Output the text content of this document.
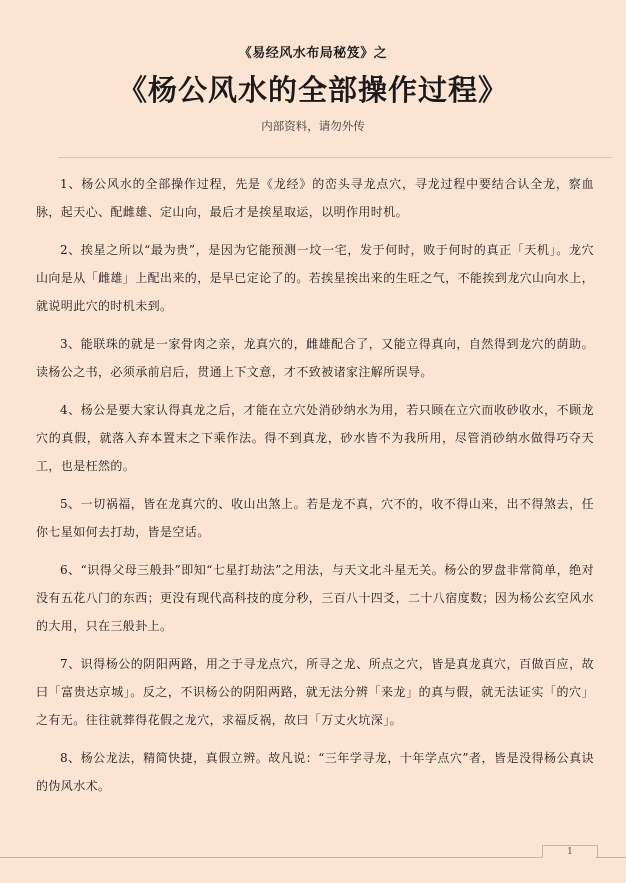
《易经风水布局秘笈》之
《杨公风水的全部操作过程》
内部资料，请勿外传

1、杨公风水的全部操作过程，先是《龙经》的峦头寻龙点穴，寻龙过程中要结合认全龙，察血脉，起天心、配雌雄、定山向，最后才是挨星取运，以明作用时机。

2、挨星之所以“最为贵”，是因为它能预测一坟一宅，发于何时，败于何时的真正「天机」。龙穴山向是从「雌雄」上配出来的，是早已定论了的。若挨星挨出来的生旺之气，不能挨到龙穴山向水上，就说明此穴的时机未到。

3、能联珠的就是一家骨肉之亲，龙真穴的，雌雄配合了，又能立得真向，自然得到龙穴的荫助。读杨公之书，必须承前启后，贯通上下文意，才不致被诸家注解所误导。

4、杨公是要大家认得真龙之后，才能在立穴处消砂纳水为用，若只顾在立穴而收砂收水，不顾龙穴的真假，就落入弃本置末之下乘作法。得不到真龙，砂水皆不为我所用，尽管消砂纳水做得巧夺天工，也是枉然的。

5、一切祸福，皆在龙真穴的、收山出煞上。若是龙不真，穴不的，收不得山来，出不得煞去，任你七星如何去打劫，皆是空话。

6、“识得父母三般卦”即知“七星打劫法”之用法，与天文北斗星无关。杨公的罗盘非常简单，绝对没有五花八门的东西；更没有现代高科技的度分秒，三百八十四爻，二十八宿度数；因为杨公玄空风水的大用，只在三般卦上。

7、识得杨公的阴阳两路，用之于寻龙点穴，所寻之龙、所点之穴，皆是真龙真穴，百做百应，故曰「富贵达京城」。反之，不识杨公的阴阳两路，就无法分辨「来龙」的真与假，就无法证实「的穴」之有无。往往就葬得花假之龙穴，求福反祸，故曰「万丈火坑深」。

8、杨公龙法，精简快捷，真假立辨。故凡说：“三年学寻龙，十年学点穴”者，皆是没得杨公真诀的伪风水术。

1
